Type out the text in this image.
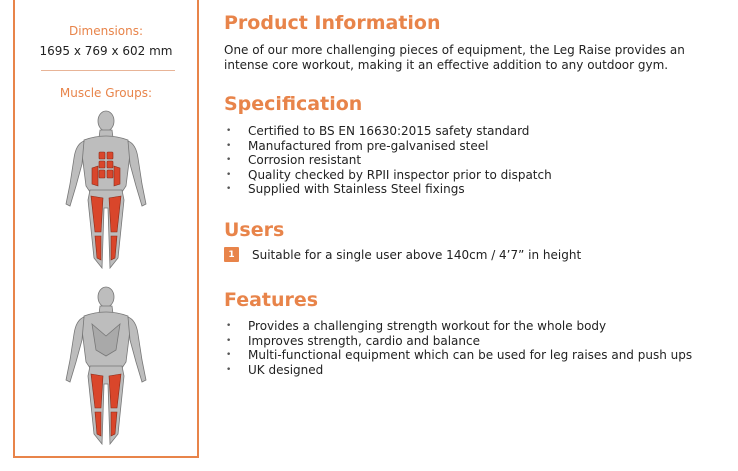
Dimensions:
1695 x 769 x 602 mm
Muscle Groups:
Product Information
One of our more challenging pieces of equipment, the Leg Raise provides an intense core workout, making it an effective addition to any outdoor gym.
Specification
• Certified to BS EN 16630:2015 safety standard
• Manufactured from pre-galvanised steel
• Corrosion resistant
• Quality checked by RPII inspector prior to dispatch
• Supplied with Stainless Steel fixings
Users
1	Suitable for a single user above 140cm / 4’7” in height
Features
• Provides a challenging strength workout for the whole body
• Improves strength, cardio and balance
• Multi-functional equipment which can be used for leg raises and push ups
• UK designed
